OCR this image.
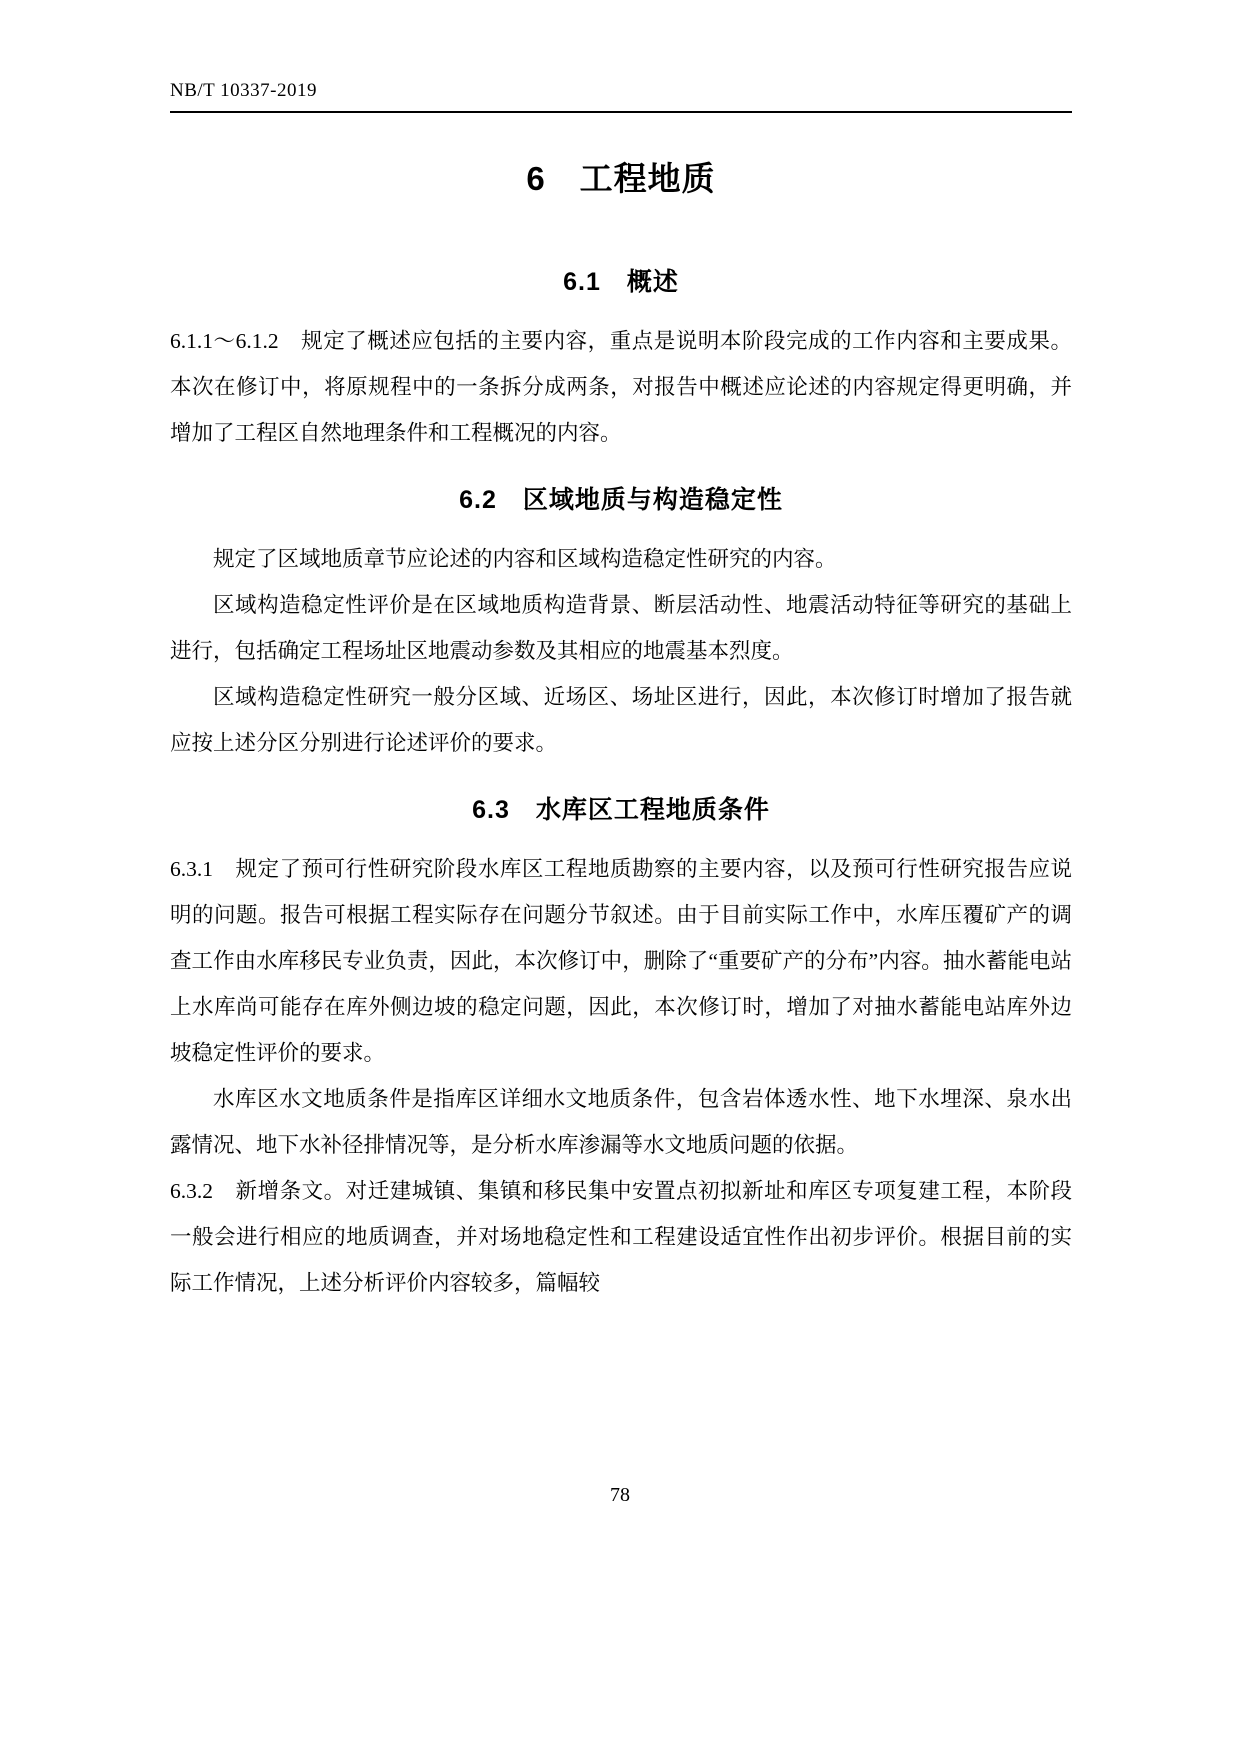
NB/T 10337-2019
6　工程地质
6.1　概述

6.1.1～6.1.2　规定了概述应包括的主要内容，重点是说明本阶段完成的工作内容和主要成果。本次在修订中，将原规程中的一条拆分成两条，对报告中概述应论述的内容规定得更明确，并增加了工程区自然地理条件和工程概况的内容。

6.2　区域地质与构造稳定性

规定了区域地质章节应论述的内容和区域构造稳定性研究的内容。

区域构造稳定性评价是在区域地质构造背景、断层活动性、地震活动特征等研究的基础上进行，包括确定工程场址区地震动参数及其相应的地震基本烈度。

区域构造稳定性研究一般分区域、近场区、场址区进行，因此，本次修订时增加了报告就应按上述分区分别进行论述评价的要求。

6.3　水库区工程地质条件

6.3.1　规定了预可行性研究阶段水库区工程地质勘察的主要内容，以及预可行性研究报告应说明的问题。报告可根据工程实际存在问题分节叙述。由于目前实际工作中，水库压覆矿产的调查工作由水库移民专业负责，因此，本次修订中，删除了“重要矿产的分布”内容。抽水蓄能电站上水库尚可能存在库外侧边坡的稳定问题，因此，本次修订时，增加了对抽水蓄能电站库外边坡稳定性评价的要求。

水库区水文地质条件是指库区详细水文地质条件，包含岩体透水性、地下水埋深、泉水出露情况、地下水补径排情况等，是分析水库渗漏等水文地质问题的依据。

6.3.2　新增条文。对迁建城镇、集镇和移民集中安置点初拟新址和库区专项复建工程，本阶段一般会进行相应的地质调查，并对场地稳定性和工程建设适宜性作出初步评价。根据目前的实际工作情况，上述分析评价内容较多，篇幅较

78
